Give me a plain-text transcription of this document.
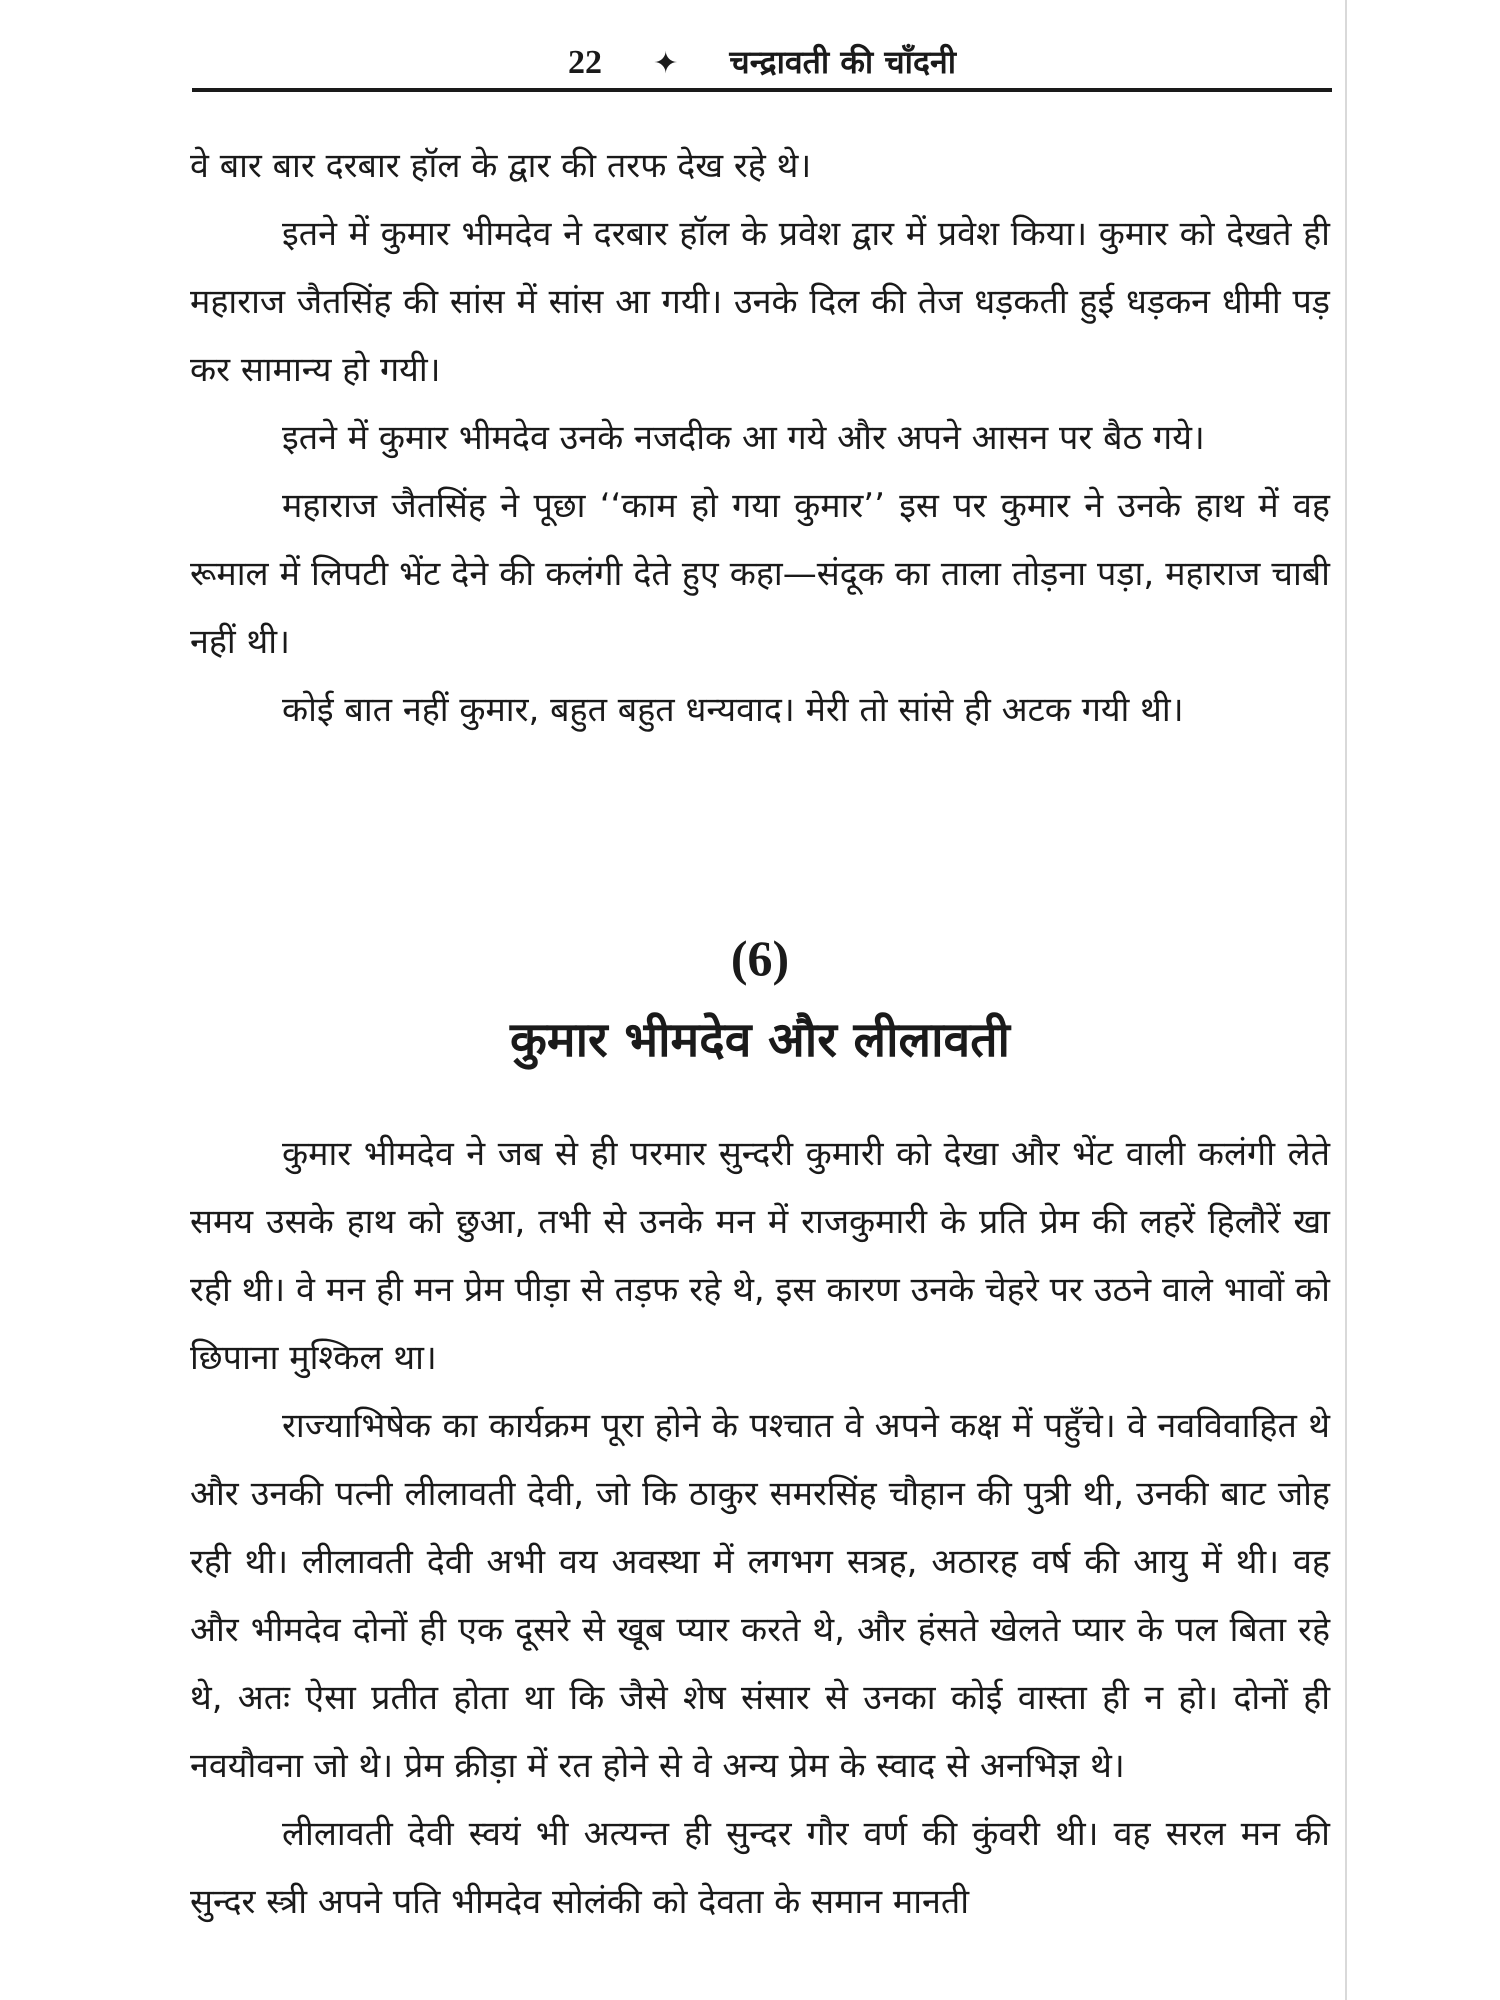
22 ✦ चन्द्रावती की चाँदनी

वे बार बार दरबार हॉल के द्वार की तरफ देख रहे थे।

इतने में कुमार भीमदेव ने दरबार हॉल के प्रवेश द्वार में प्रवेश किया। कुमार को देखते ही महाराज जैतसिंह की सांस में सांस आ गयी। उनके दिल की तेज धड़कती हुई धड़कन धीमी पड़ कर सामान्य हो गयी।

इतने में कुमार भीमदेव उनके नजदीक आ गये और अपने आसन पर बैठ गये।

महाराज जैतसिंह ने पूछा ‘‘काम हो गया कुमार’’ इस पर कुमार ने उनके हाथ में वह रूमाल में लिपटी भेंट देने की कलंगी देते हुए कहा—संदूक का ताला तोड़ना पड़ा, महाराज चाबी नहीं थी।

कोई बात नहीं कुमार, बहुत बहुत धन्यवाद। मेरी तो सांसे ही अटक गयी थी।

(6)
कुमार भीमदेव और लीलावती

कुमार भीमदेव ने जब से ही परमार सुन्दरी कुमारी को देखा और भेंट वाली कलंगी लेते समय उसके हाथ को छुआ, तभी से उनके मन में राजकुमारी के प्रति प्रेम की लहरें हिलौरें खा रही थी। वे मन ही मन प्रेम पीड़ा से तड़फ रहे थे, इस कारण उनके चेहरे पर उठने वाले भावों को छिपाना मुश्किल था।

राज्याभिषेक का कार्यक्रम पूरा होने के पश्चात वे अपने कक्ष में पहुँचे। वे नवविवाहित थे और उनकी पत्नी लीलावती देवी, जो कि ठाकुर समरसिंह चौहान की पुत्री थी, उनकी बाट जोह रही थी। लीलावती देवी अभी वय अवस्था में लगभग सत्रह, अठारह वर्ष की आयु में थी। वह और भीमदेव दोनों ही एक दूसरे से खूब प्यार करते थे, और हंसते खेलते प्यार के पल बिता रहे थे, अतः ऐसा प्रतीत होता था कि जैसे शेष संसार से उनका कोई वास्ता ही न हो। दोनों ही नवयौवना जो थे। प्रेम क्रीड़ा में रत होने से वे अन्य प्रेम के स्वाद से अनभिज्ञ थे।

लीलावती देवी स्वयं भी अत्यन्त ही सुन्दर गौर वर्ण की कुंवरी थी। वह सरल मन की सुन्दर स्त्री अपने पति भीमदेव सोलंकी को देवता के समान मानती
